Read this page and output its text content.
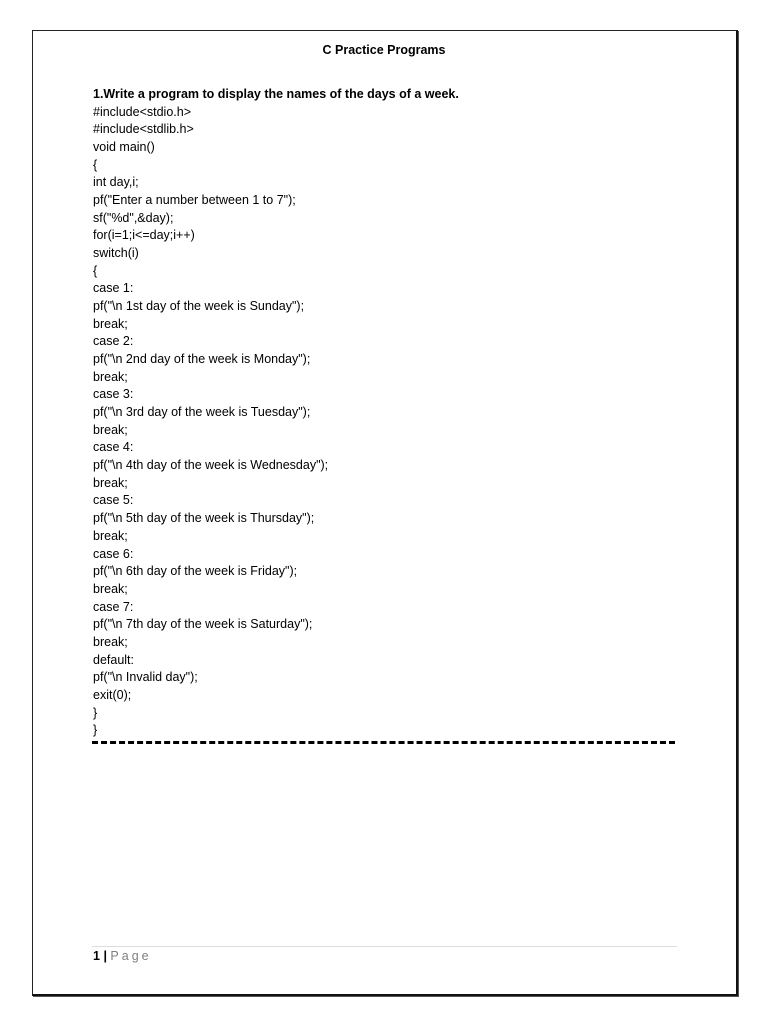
C Practice Programs

1.Write a program to display the names of the days of a week.

#include<stdio.h>
#include<stdlib.h>
void main()
{
int day,i;
pf("Enter a number between 1 to 7");
sf("%d",&day);
for(i=1;i<=day;i++)
switch(i)
{
case 1:
pf("\n 1st day of the week is Sunday");
break;
case 2:
pf("\n 2nd day of the week is Monday");
break;
case 3:
pf("\n 3rd day of the week is Tuesday");
break;
case 4:
pf("\n 4th day of the week is Wednesday");
break;
case 5:
pf("\n 5th day of the week is Thursday");
break;
case 6:
pf("\n 6th day of the week is Friday");
break;
case 7:
pf("\n 7th day of the week is Saturday");
break;
default:
pf("\n Invalid day");
exit(0);
}
}
1 | Page
